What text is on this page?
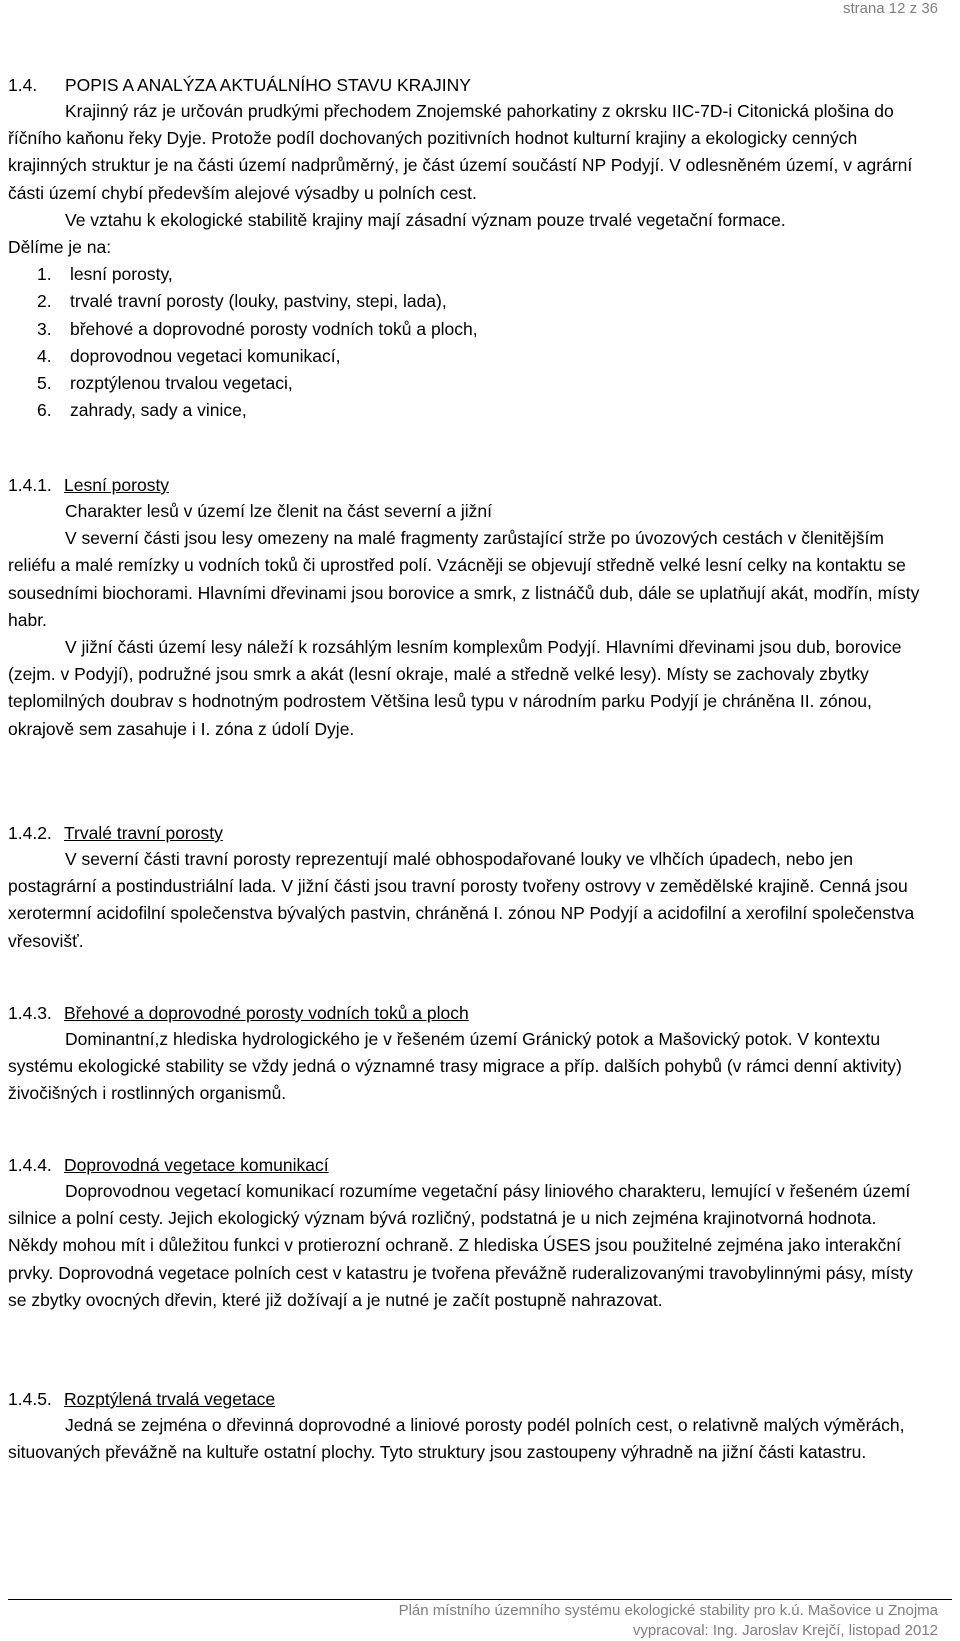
strana 12 z 36
1.4. POPIS A ANALÝZA AKTUÁLNÍHO STAVU KRAJINY

Krajinný ráz je určován prudkými přechodem Znojemské pahorkatiny z okrsku IIC-7D-i Citonická plošina do říčního kaňonu řeky Dyje. Protože podíl dochovaných pozitivních hodnot kulturní krajiny a ekologicky cenných krajinných struktur je na části území nadprůměrný, je část území součástí NP Podyjí. V odlesněném území, v agrární části území chybí především alejové výsadby u polních cest.

Ve vztahu k ekologické stabilitě krajiny mají zásadní význam pouze trvalé vegetační formace.

Dělíme je na:

1. lesní porosty,
2. trvalé travní porosty (louky, pastviny, stepi, lada),
3. břehové a doprovodné porosty vodních toků a ploch,
4. doprovodnou vegetaci komunikací,
5. rozptýlenou trvalou vegetaci,
6. zahrady, sady a vinice,
1.4.1. Lesní porosty

Charakter lesů v území lze členit na část severní a jižní

V severní části jsou lesy omezeny na malé fragmenty zarůstající strže po úvozových cestách v členitějším reliéfu a malé remízky u vodních toků či uprostřed polí. Vzácněji se objevují středně velké lesní celky na kontaktu se sousedními biochorami. Hlavními dřevinami jsou borovice a smrk, z listnáčů dub, dále se uplatňují akát, modřín, místy habr.

V jižní části území lesy náleží k rozsáhlým lesním komplexům Podyjí. Hlavními dřevinami jsou dub, borovice (zejm. v Podyjí), podružné jsou smrk a akát (lesní okraje, malé a středně velké lesy). Místy se zachovaly zbytky teplomilných doubrav s hodnotným podrostem Většina lesů typu v národním parku Podyjí je chráněna II. zónou, okrajově sem zasahuje i I. zóna z údolí Dyje.

1.4.2. Trvalé travní porosty

V severní části travní porosty reprezentují malé obhospodařované louky ve vlhčích úpadech, nebo jen postagrární a postindustriální lada. V jižní části jsou travní porosty tvořeny ostrovy v zemědělské krajině. Cenná jsou xerotermní acidofilní společenstva bývalých pastvin, chráněná I. zónou NP Podyjí a acidofilní a xerofilní společenstva vřesovišť.

1.4.3. Břehové a doprovodné porosty vodních toků a ploch

Dominantní,z hlediska hydrologického je v řešeném území Gránický potok a Mašovický potok. V kontextu systému ekologické stability se vždy jedná o významné trasy migrace a příp. dalších pohybů (v rámci denní aktivity) živočišných i rostlinných organismů.

1.4.4. Doprovodná vegetace komunikací

Doprovodnou vegetací komunikací rozumíme vegetační pásy liniového charakteru, lemující v řešeném území silnice a polní cesty. Jejich ekologický význam bývá rozličný, podstatná je u nich zejména krajinotvorná hodnota. Někdy mohou mít i důležitou funkci v protierozní ochraně. Z hlediska ÚSES jsou použitelné zejména jako interakční prvky. Doprovodná vegetace polních cest v katastru je tvořena převážně ruderalizovanými travobylinnými pásy, místy se zbytky ovocných dřevin, které již dožívají a je nutné je začít postupně nahrazovat.

1.4.5. Rozptýlená trvalá vegetace

Jedná se zejména o dřevinná doprovodné a liniové porosty podél polních cest, o relativně malých výměrách, situovaných převážně na kultuře ostatní plochy. Tyto struktury jsou zastoupeny výhradně na jižní části katastru.

Plán místního územního systému ekologické stability pro k.ú. Mašovice u Znojma
vypracoval: Ing. Jaroslav Krejčí, listopad 2012
